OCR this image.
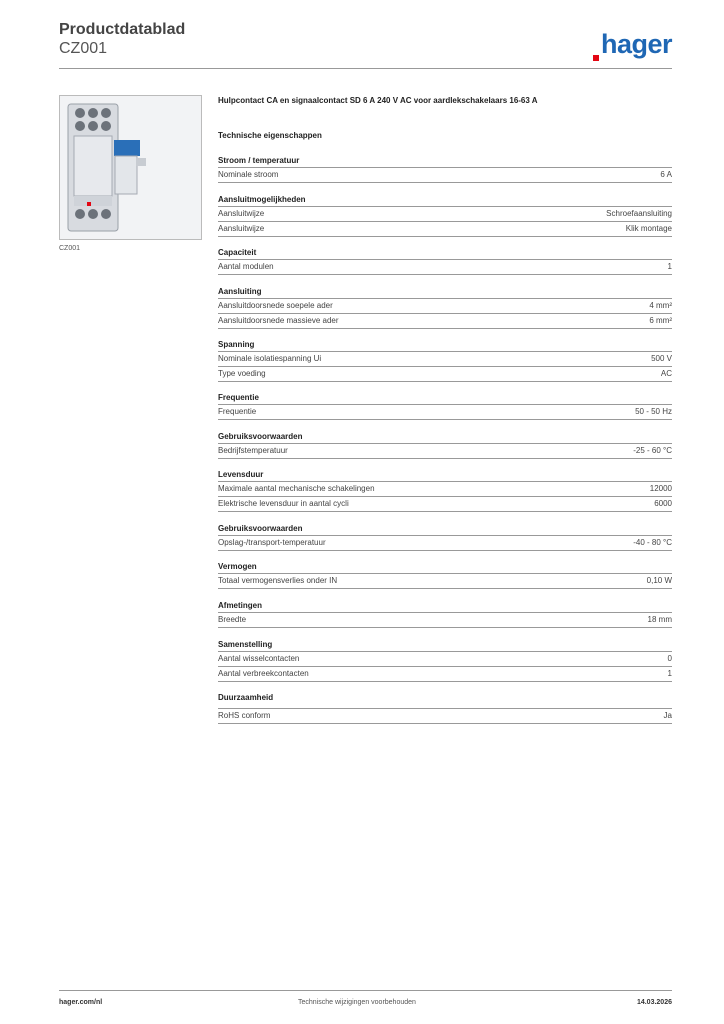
Productdatablad
CZ001	hager
CZ001
Hulpcontact CA en signaalcontact SD 6 A 240 V AC voor aardlekschakelaars 16-63 A
Technische eigenschappen
Stroom / temperatuur
Nominale stroom	6 A
Aansluitmogelijkheden
Aansluitwijze	Schroefaansluiting
Aansluitwijze	Klik montage
Capaciteit
Aantal modulen	1
Aansluiting
Aansluitdoorsnede soepele ader	4 mm²
Aansluitdoorsnede massieve ader	6 mm²
Spanning
Nominale isolatiespanning Ui	500 V
Type voeding	AC
Frequentie
Frequentie	50 - 50 Hz
Gebruiksvoorwaarden
Bedrijfstemperatuur	-25 - 60 °C
Levensduur
Maximale aantal mechanische schakelingen	12000
Elektrische levensduur in aantal cycli	6000
Gebruiksvoorwaarden
Opslag-/transport-temperatuur	-40 - 80 °C
Vermogen
Totaal vermogensverlies onder IN	0,10 W
Afmetingen
Breedte	18 mm
Samenstelling
Aantal wisselcontacten	0
Aantal verbreekcontacten	1
Duurzaamheid
RoHS conform	Ja
hager.com/nl	Technische wijzigingen voorbehouden	14.03.2026
